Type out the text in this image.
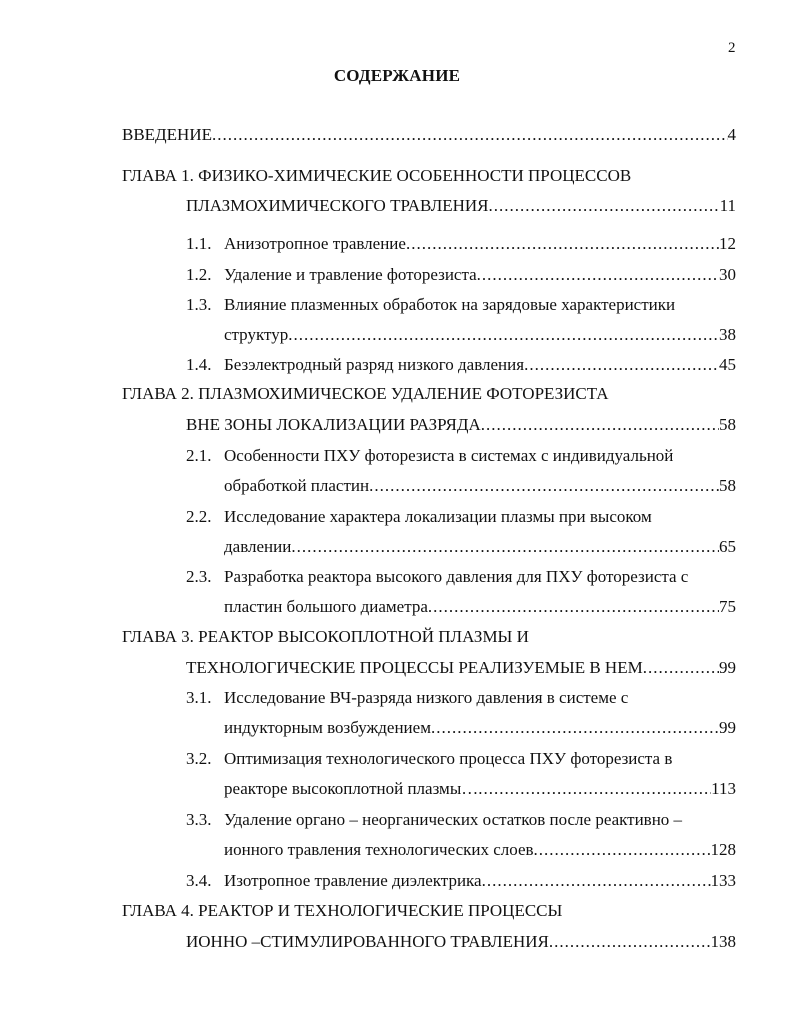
2
СОДЕРЖАНИЕ
ВВЕДЕНИЕ .....	4
ГЛАВА 1. ФИЗИКО-ХИМИЧЕСКИЕ ОСОБЕННОСТИ ПРОЦЕССОВ
ПЛАЗМОХИМИЧЕСКОГО ТРАВЛЕНИЯ .....	11
1.1. Анизотропное травление .....	12
1.2. Удаление и травление фоторезиста .....	30
1.3. Влияние плазменных обработок на зарядовые характеристики
структур .....	38
1.4. Безэлектродный разряд низкого давления .....	45
ГЛАВА 2. ПЛАЗМОХИМИЧЕСКОЕ УДАЛЕНИЕ ФОТОРЕЗИСТА
ВНЕ ЗОНЫ ЛОКАЛИЗАЦИИ РАЗРЯДА .....	58
2.1. Особенности ПХУ фоторезиста в системах с индивидуальной
обработкой пластин .....	58
2.2. Исследование характера локализации плазмы при высоком
давлении .....	65
2.3. Разработка реактора высокого давления для ПХУ фоторезиста с
пластин большого диаметра .....	75
ГЛАВА 3. РЕАКТОР ВЫСОКОПЛОТНОЙ ПЛАЗМЫ И
ТЕХНОЛОГИЧЕСКИЕ ПРОЦЕССЫ РЕАЛИЗУЕМЫЕ В НЕМ .....	99
3.1. Исследование ВЧ-разряда низкого давления в системе с
индукторным возбуждением .....	99
3.2. Оптимизация технологического процесса ПХУ фоторезиста в
реакторе высокоплотной плазмы… .....	113
3.3. Удаление органо – неорганических остатков после реактивно –
ионного травления технологических слоев .....	128
3.4. Изотропное травление диэлектрика .....	133
ГЛАВА 4. РЕАКТОР И ТЕХНОЛОГИЧЕСКИЕ ПРОЦЕССЫ
ИОННО –СТИМУЛИРОВАННОГО ТРАВЛЕНИЯ .....	138
